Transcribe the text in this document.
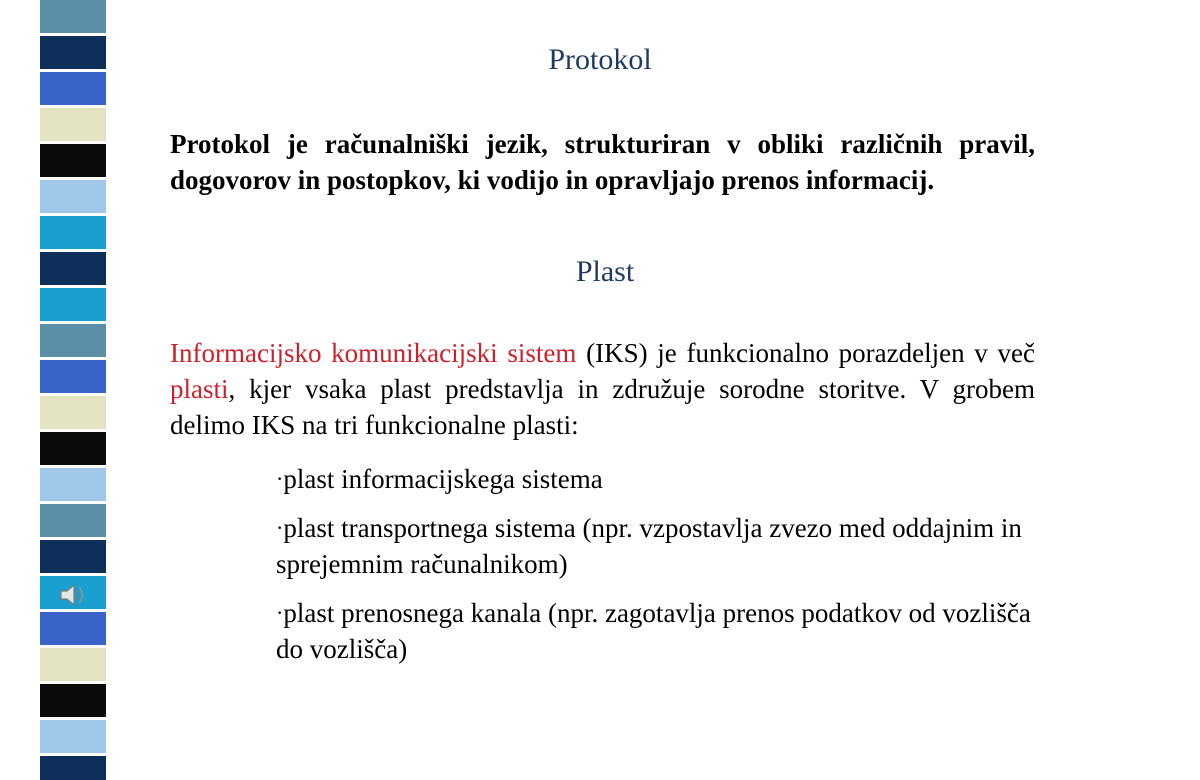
Protokol

Protokol je računalniški jezik, strukturiran v obliki različnih pravil, dogovorov in postopkov, ki vodijo in opravljajo prenos informacij.

Plast

Informacijsko komunikacijski sistem (IKS) je funkcionalno porazdeljen v več plasti, kjer vsaka plast predstavlja in združuje sorodne storitve. V grobem delimo IKS na tri funkcionalne plasti:

·plast informacijskega sistema
·plast transportnega sistema (npr. vzpostavlja zvezo med oddajnim in sprejemnim računalnikom)
·plast prenosnega kanala (npr. zagotavlja prenos podatkov od vozlišča do vozlišča)
